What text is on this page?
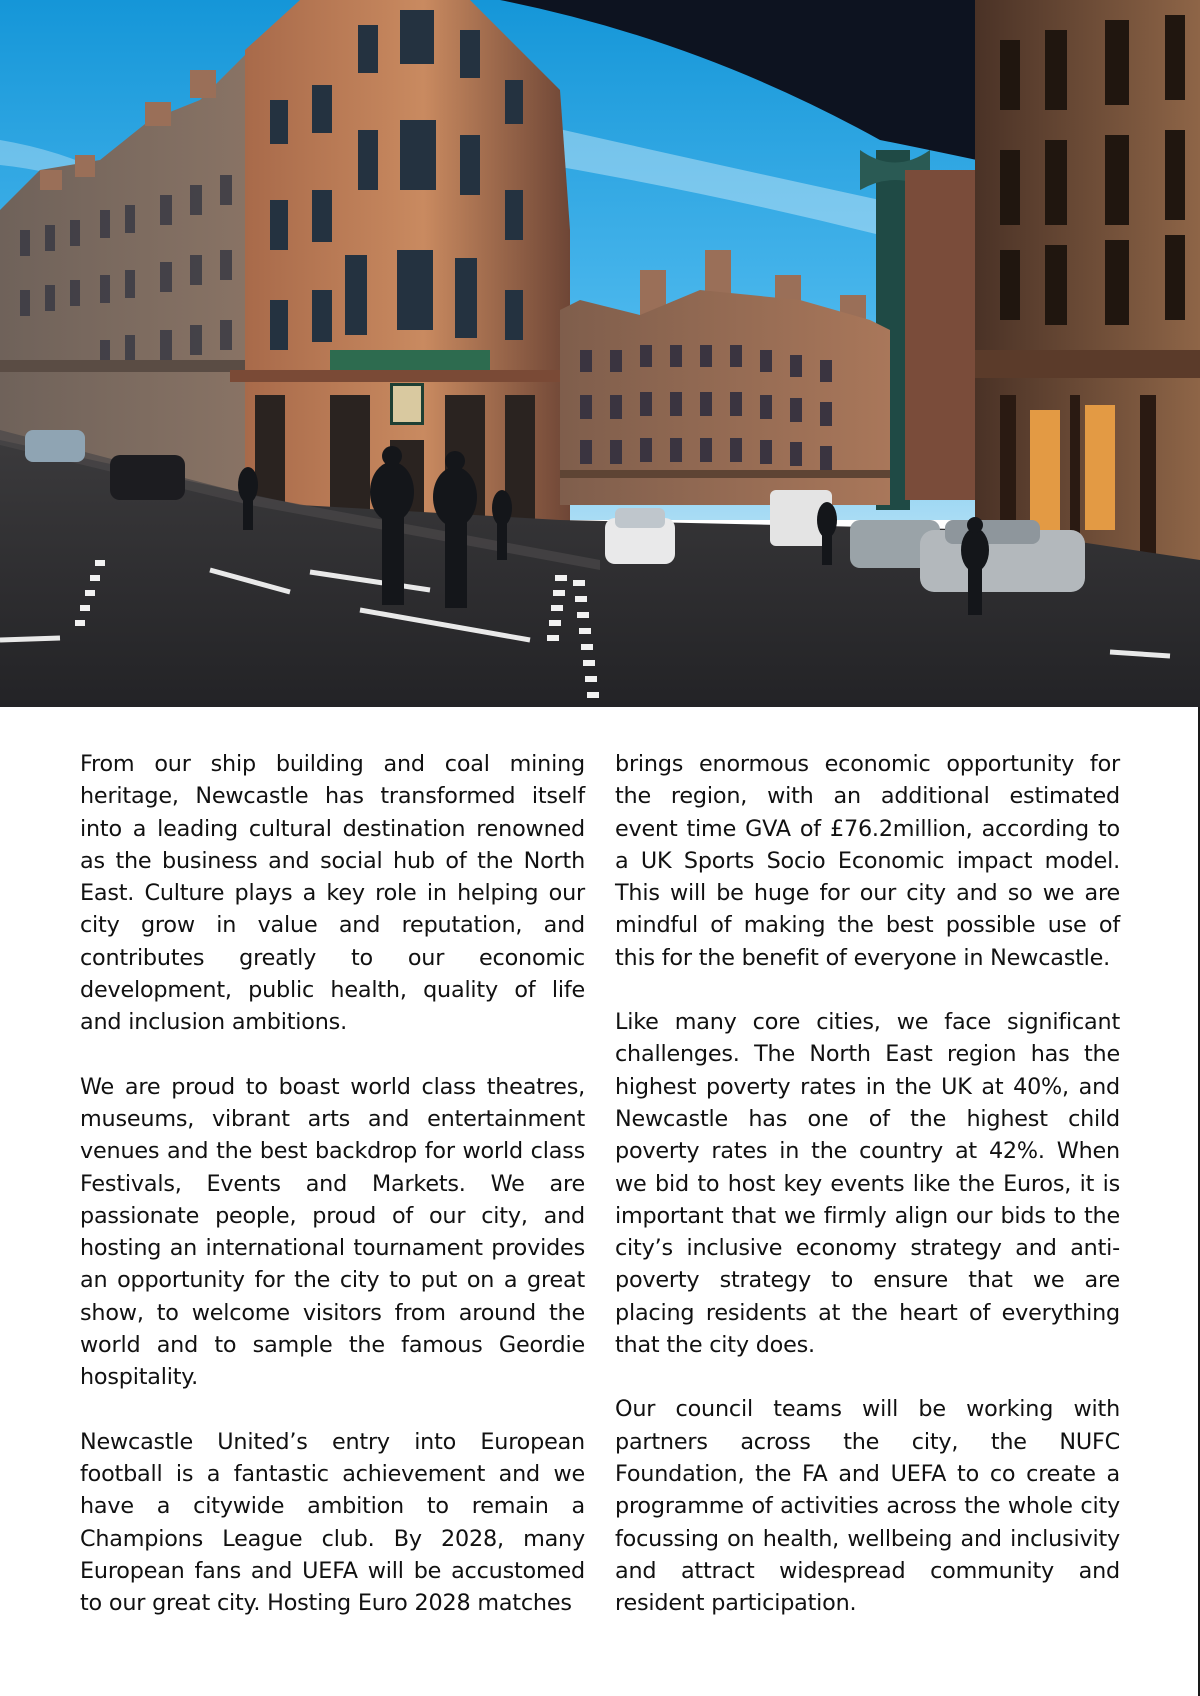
From our ship building and coal mining heritage, Newcastle has transformed itself into a leading cultural destination renowned as the business and social hub of the North East. Culture plays a key role in helping our city grow in value and reputation, and contributes greatly to our economic development, public health, quality of life and inclusion ambitions.

We are proud to boast world class theatres, museums, vibrant arts and entertainment venues and the best backdrop for world class Festivals, Events and Markets. We are passionate people, proud of our city, and hosting an international tournament provides an opportunity for the city to put on a great show, to welcome visitors from around the world and to sample the famous Geordie hospitality.

Newcastle United’s entry into European football is a fantastic achievement and we have a citywide ambition to remain a Champions League club. By 2028, many European fans and UEFA will be accustomed to our great city. Hosting Euro 2028 matches

brings enormous economic opportunity for the region, with an additional estimated event time GVA of £76.2million, according to a UK Sports Socio Economic impact model. This will be huge for our city and so we are mindful of making the best possible use of this for the benefit of everyone in Newcastle.

Like many core cities, we face significant challenges. The North East region has the highest poverty rates in the UK at 40%, and Newcastle has one of the highest child poverty rates in the country at 42%. When we bid to host key events like the Euros, it is important that we firmly align our bids to the city’s inclusive economy strategy and anti-poverty strategy to ensure that we are placing residents at the heart of everything that the city does.

Our council teams will be working with partners across the city, the NUFC Foundation, the FA and UEFA to co create a programme of activities across the whole city focussing on health, wellbeing and inclusivity and attract widespread community and resident participation.
